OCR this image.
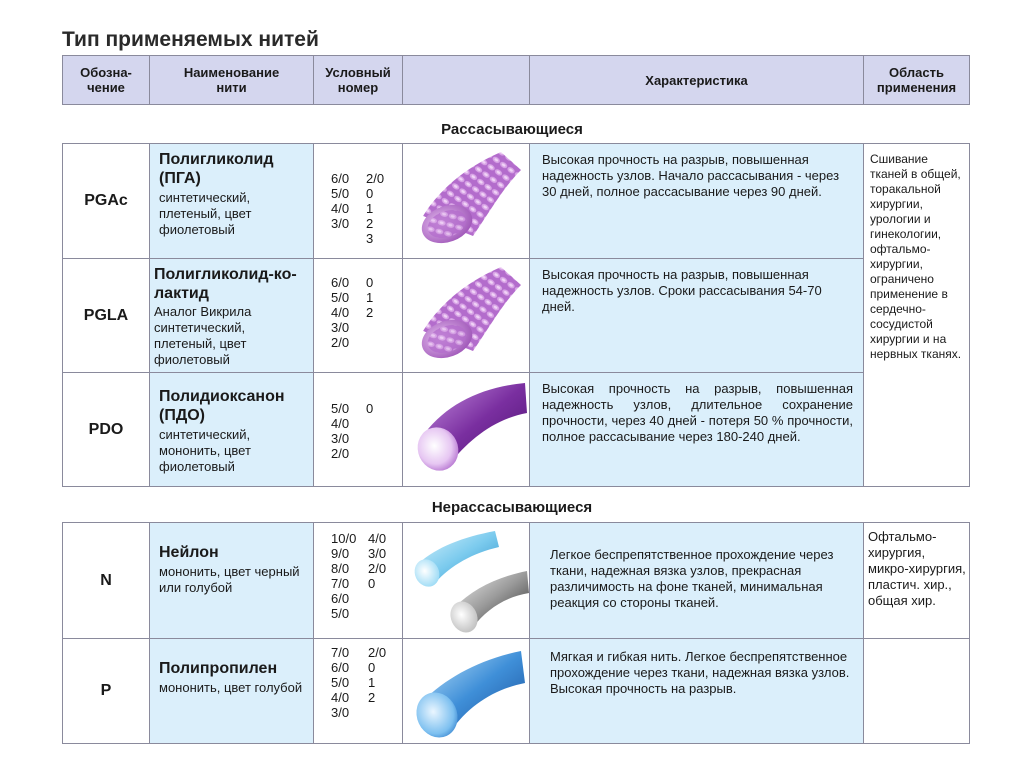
Тип применяемых нитей
Обозна-
чение
Наименование
нити
Условный
номер	Характеристика	Область
применения
Рассасывающиеся
PGAc
Полигликолид (ПГА)
синтетический, плетеный, цвет фиолетовый
6/0
5/0
4/0
3/0
2/0
0
1
2
3
Высокая прочность на разрыв, повышенная надежность узлов. Начало рассасывания - через 30 дней, полное рассасывание через 90 дней.
PGLA
Полигликолид-ко-лактид
Аналог Викрила синтетический, плетеный, цвет фиолетовый
6/0
5/0
4/0
3/0
2/0
0
1
2
Высокая прочность на разрыв, повышенная надежность узлов. Сроки рассасывания 54-70 дней.
PDO
Полидиоксанон (ПДО)
синтетический, мононить, цвет фиолетовый
5/0
4/0
3/0
2/0
0
Высокая прочность на разрыв, повышенная надежность узлов, длительное сохранение прочности, через 40 дней - потеря 50 % прочности, полное рассасывание через 180-240 дней.
Сшивание тканей в общей, торакальной хирургии, урологии и гинекологии, офтальмо-хирургии, ограничено применение в сердечно-сосудистой хирургии и на нервных тканях.
Нерассасывающиеся
N
Нейлон
мононить, цвет черный или голубой
10/0
9/0
8/0
7/0
6/0
5/0
4/0
3/0
2/0
0
Легкое беспрепятственное прохождение через ткани, надежная вязка узлов, прекрасная различимость на фоне тканей, минимальная реакция со стороны тканей.
Офтальмо-хирургия, микро-хирургия, пластич. хир., общая хир.
P
Полипропилен
мононить, цвет голубой
7/0
6/0
5/0
4/0
3/0
2/0
0
1
2
Мягкая и гибкая нить. Легкое беспрепятственное прохождение через ткани, надежная вязка узлов. Высокая прочность на разрыв.
